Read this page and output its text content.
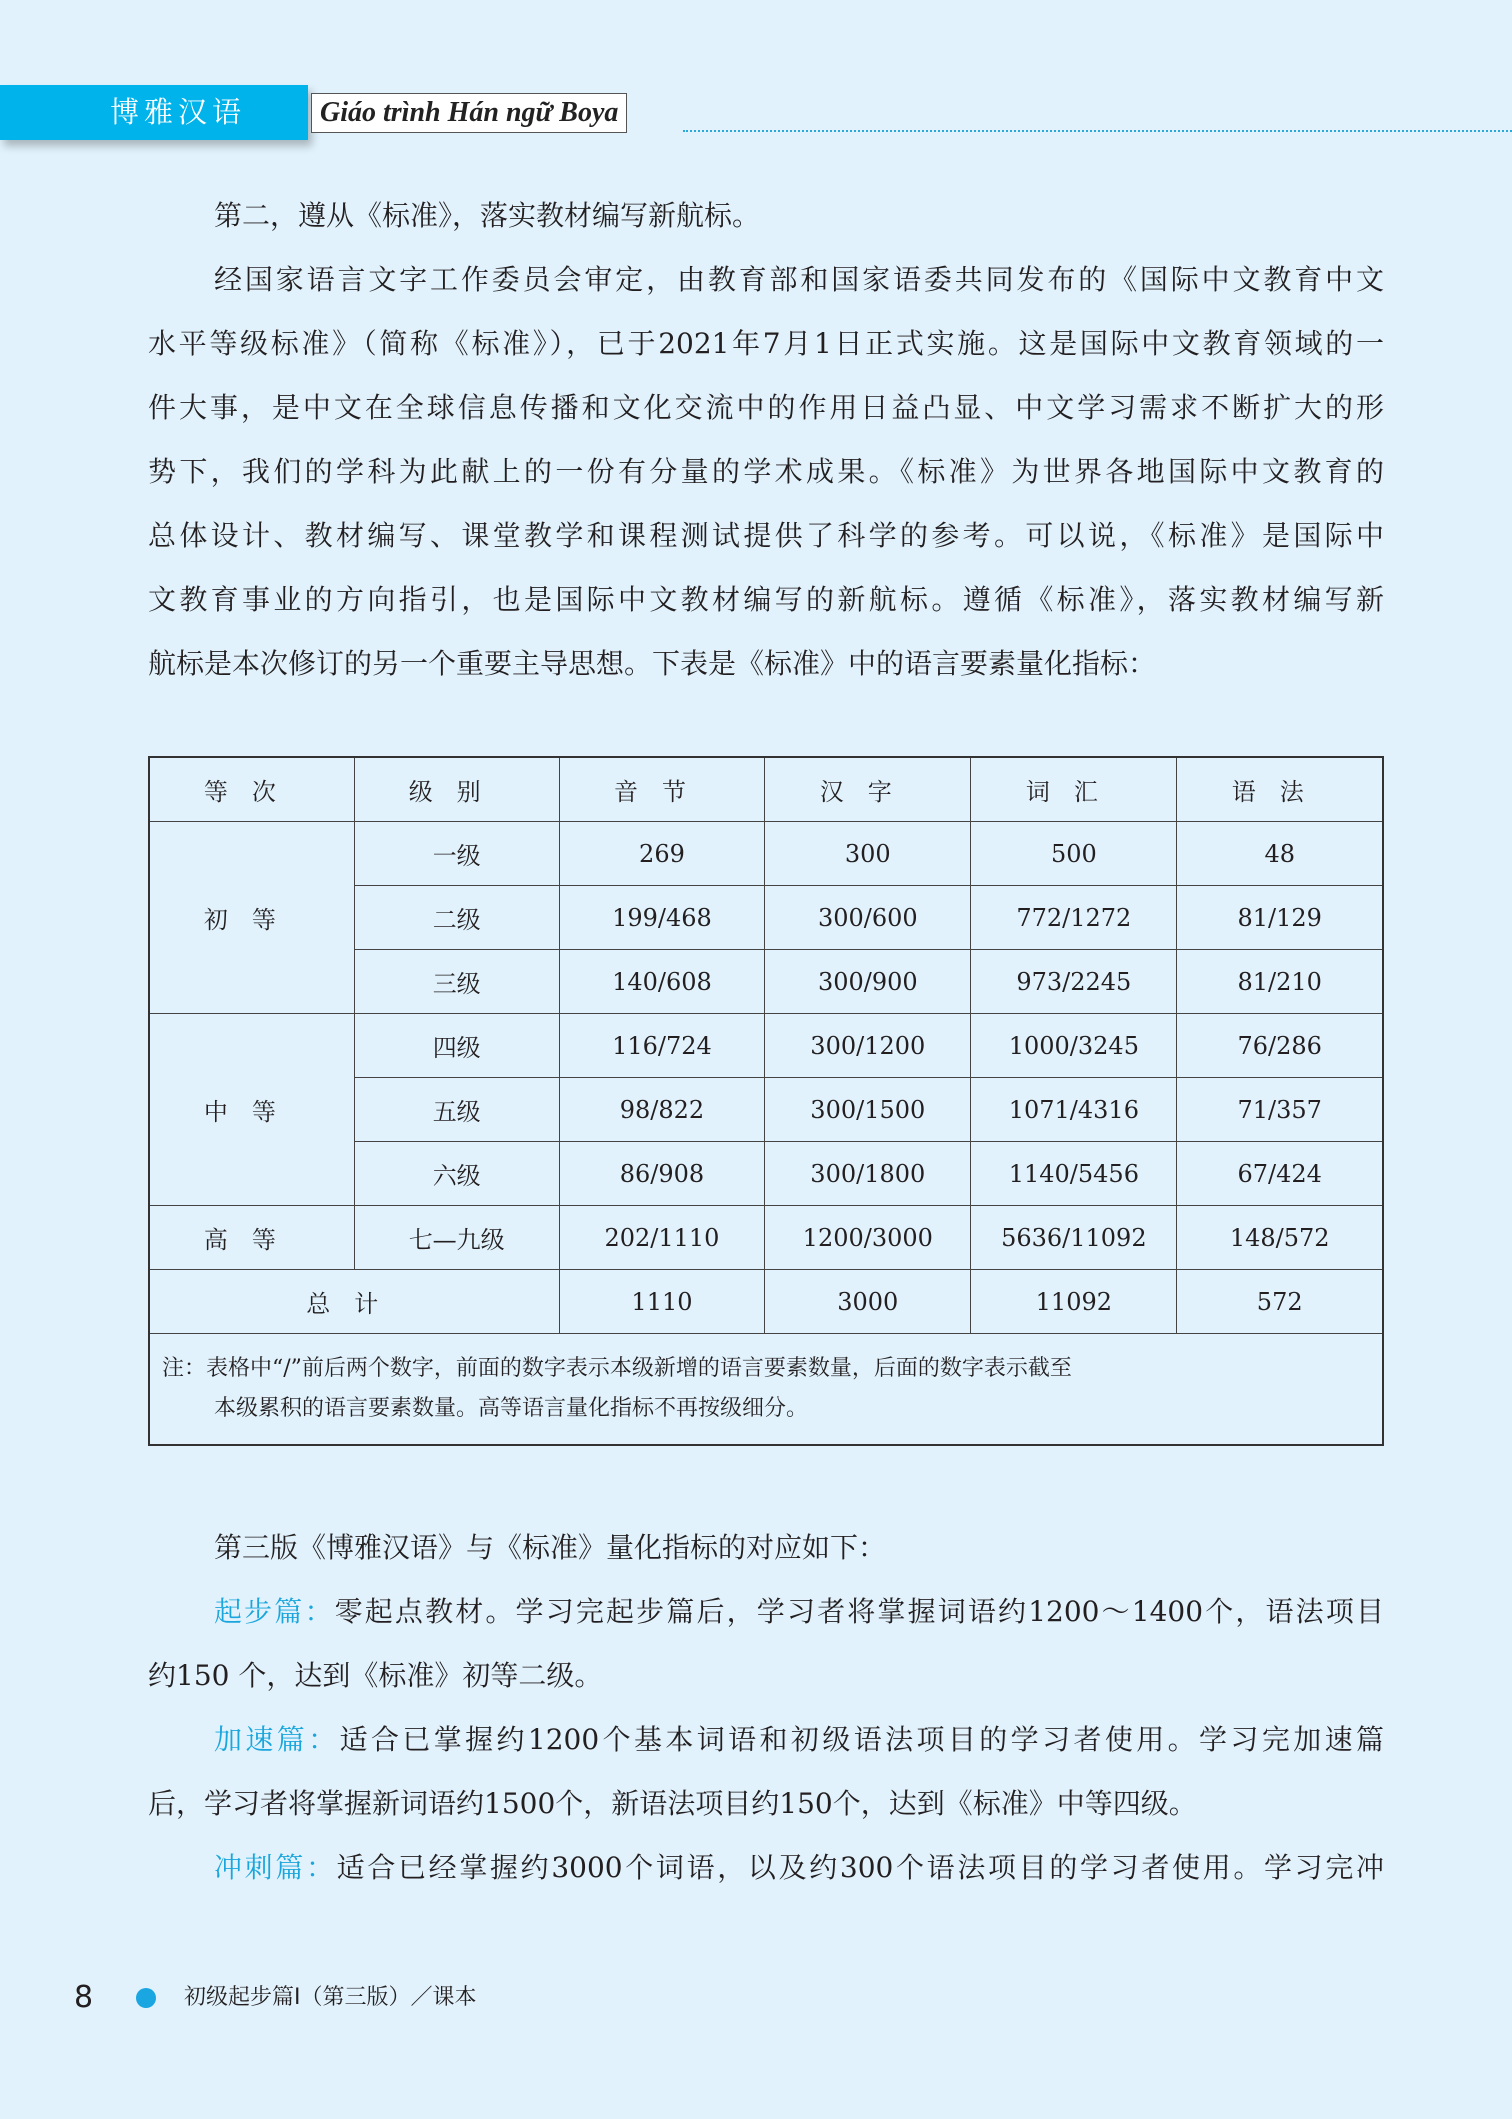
博雅汉语	Giáo trình Hán ngữ Boya
第二，遵从《标准》，落实教材编写新航标。
经国家语言文字工作委员会审定，由教育部和国家语委共同发布的《国际中文教育中文
水平等级标准》（简称《标准》），已于2021年7月1日正式实施。这是国际中文教育领域的一
件大事，是中文在全球信息传播和文化交流中的作用日益凸显、中文学习需求不断扩大的形
势下，我们的学科为此献上的一份有分量的学术成果。《标准》为世界各地国际中文教育的
总体设计、教材编写、课堂教学和课程测试提供了科学的参考。可以说，《标准》是国际中
文教育事业的方向指引，也是国际中文教材编写的新航标。遵循《标准》，落实教材编写新
航标是本次修订的另一个重要主导思想。下表是《标准》中的语言要素量化指标：
等次	级别	音节	汉字	词汇	语法
初等	一级	269	300	500	48
	二级	199/468	300/600	772/1272	81/129
	三级	140/608	300/900	973/2245	81/210
中等	四级	116/724	300/1200	1000/3245	76/286
	五级	98/822	300/1500	1071/4316	71/357
	六级	86/908	300/1800	1140/5456	67/424
高等	七—九级	202/1110	1200/3000	5636/11092	148/572
总计		1110	3000	11092	572
注：表格中“/”前后两个数字，前面的数字表示本级新增的语言要素数量，后面的数字表示截至
本级累积的语言要素数量。高等语言量化指标不再按级细分。					
第三版《博雅汉语》与《标准》量化指标的对应如下：
起步篇：零起点教材。学习完起步篇后，学习者将掌握词语约1200～1400个，语法项目
约150 个，达到《标准》初等二级。
加速篇：适合已掌握约1200个基本词语和初级语法项目的学习者使用。学习完加速篇
后，学习者将掌握新词语约1500个，新语法项目约150个，达到《标准》中等四级。
冲刺篇：适合已经掌握约3000个词语，以及约300个语法项目的学习者使用。学习完冲
8	初级起步篇Ⅰ（第三版）／课本
